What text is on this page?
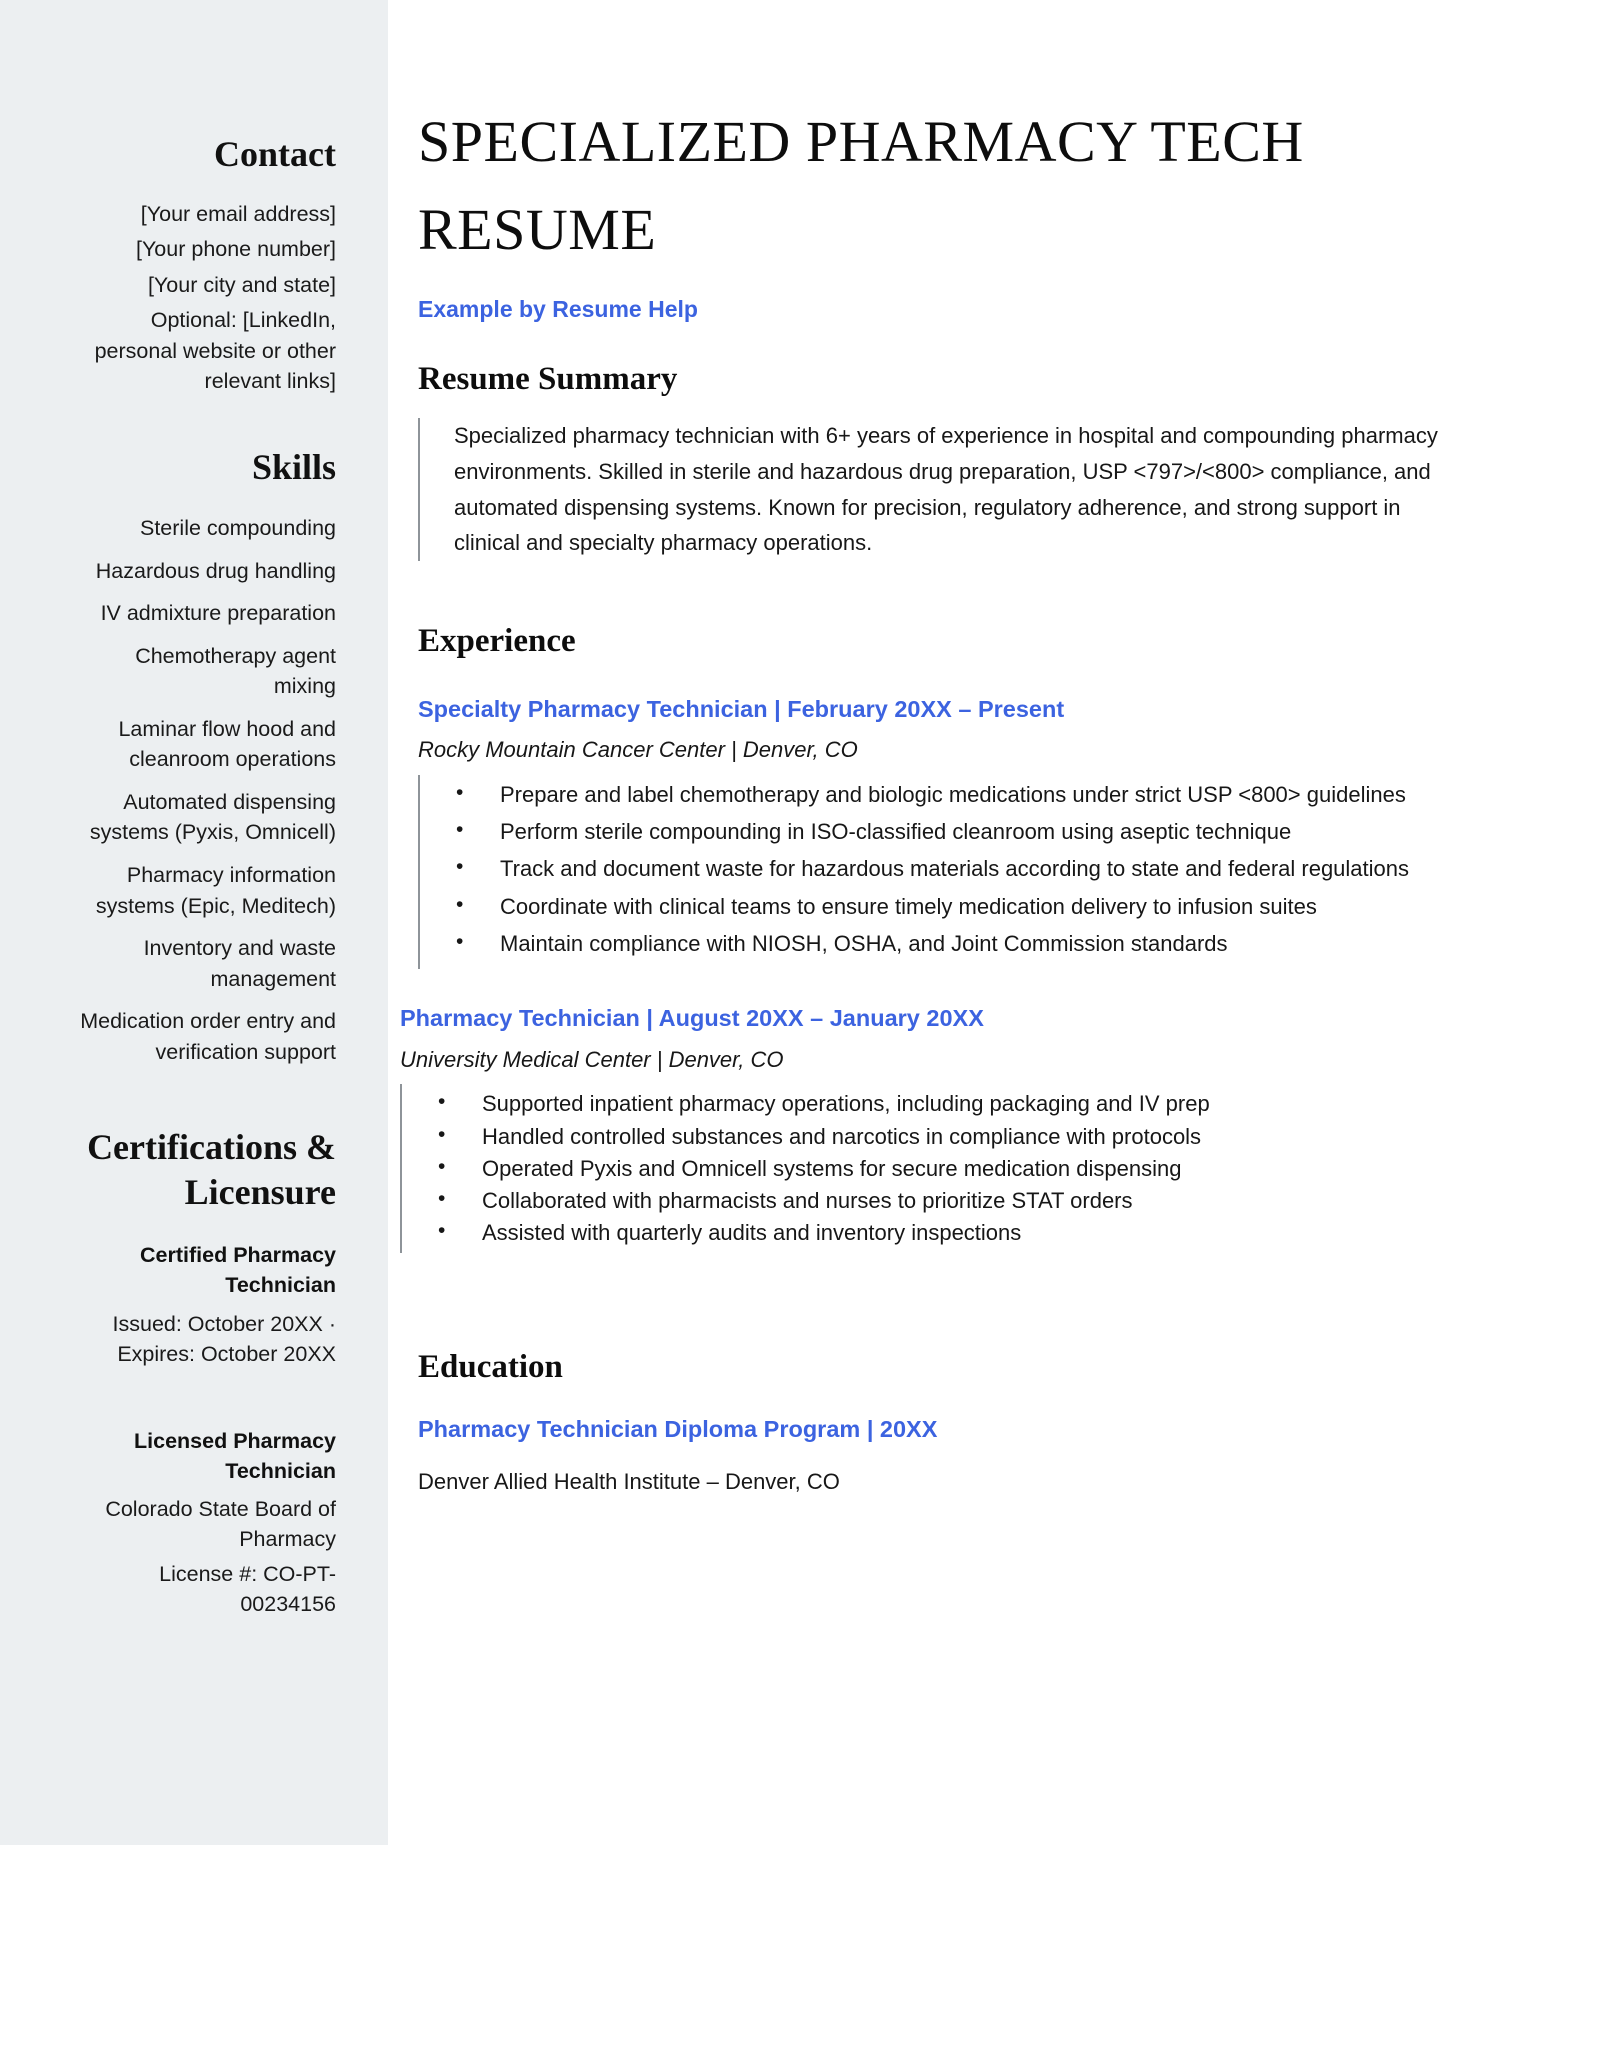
Contact

[Your email address]

[Your phone number]

[Your city and state]

Optional: [LinkedIn, personal website or other relevant links]

Skills

Sterile compounding

Hazardous drug handling

IV admixture preparation

Chemotherapy agent mixing

Laminar flow hood and cleanroom operations

Automated dispensing systems (Pyxis, Omnicell)

Pharmacy information systems (Epic, Meditech)

Inventory and waste management

Medication order entry and verification support

Certifications & Licensure

Certified Pharmacy Technician

Issued: October 20XX · Expires: October 20XX

Licensed Pharmacy Technician

Colorado State Board of Pharmacy

License #: CO-PT-00234156

SPECIALIZED PHARMACY TECH RESUME

Example by Resume Help

Resume Summary

Specialized pharmacy technician with 6+ years of experience in hospital and compounding pharmacy environments. Skilled in sterile and hazardous drug preparation, USP <797>/<800> compliance, and automated dispensing systems. Known for precision, regulatory adherence, and strong support in clinical and specialty pharmacy operations.

Experience

Specialty Pharmacy Technician | February 20XX – Present

Rocky Mountain Cancer Center | Denver, CO

• Prepare and label chemotherapy and biologic medications under strict USP <800> guidelines
• Perform sterile compounding in ISO-classified cleanroom using aseptic technique
• Track and document waste for hazardous materials according to state and federal regulations
• Coordinate with clinical teams to ensure timely medication delivery to infusion suites
• Maintain compliance with NIOSH, OSHA, and Joint Commission standards

Pharmacy Technician | August 20XX – January 20XX

University Medical Center | Denver, CO

• Supported inpatient pharmacy operations, including packaging and IV prep
• Handled controlled substances and narcotics in compliance with protocols
• Operated Pyxis and Omnicell systems for secure medication dispensing
• Collaborated with pharmacists and nurses to prioritize STAT orders
• Assisted with quarterly audits and inventory inspections
Education

Pharmacy Technician Diploma Program | 20XX

Denver Allied Health Institute – Denver, CO
